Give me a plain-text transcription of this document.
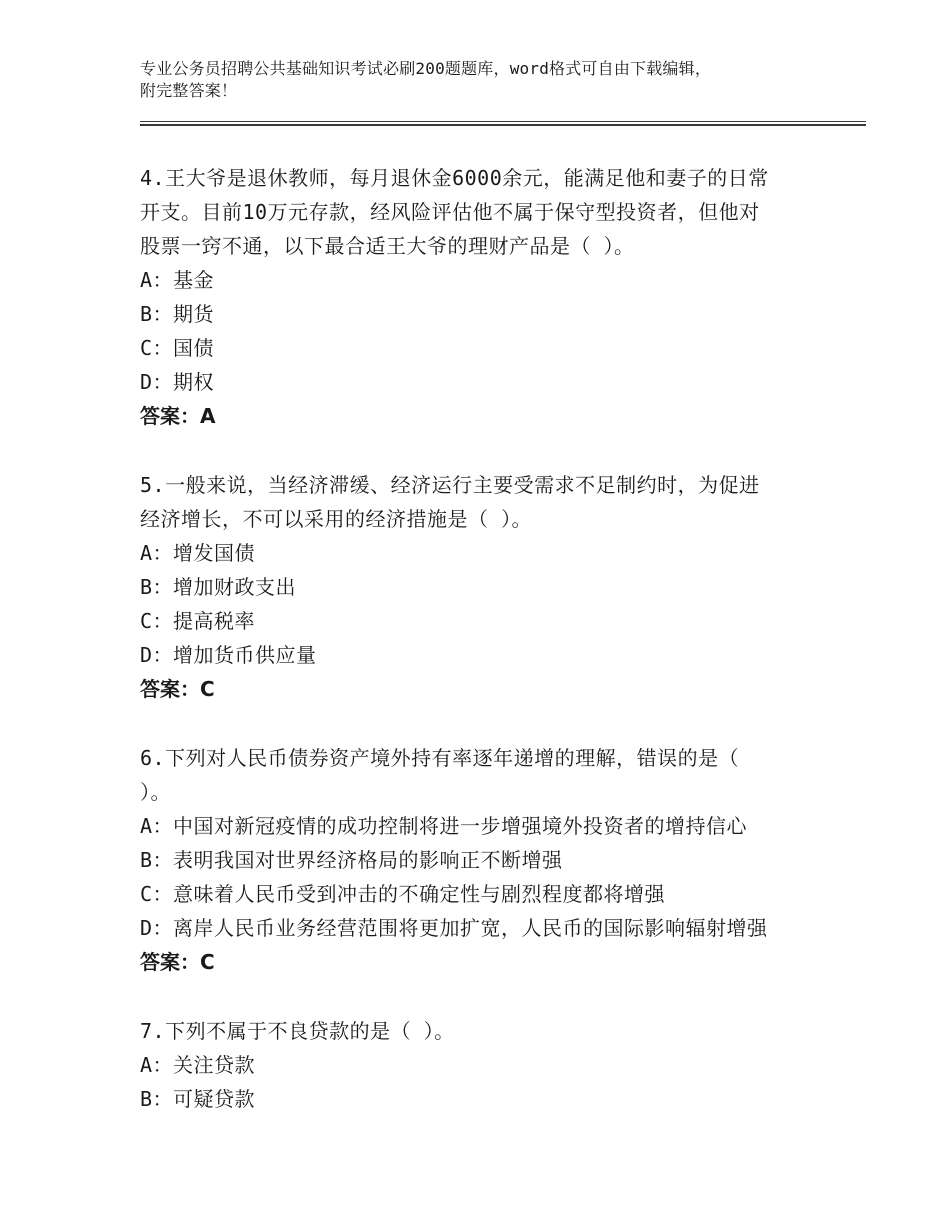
专业公务员招聘公共基础知识考试必刷200题题库，word格式可自由下载编辑，
附完整答案！
4.王大爷是退休教师，每月退休金6000余元，能满足他和妻子的日常
开支。目前10万元存款，经风险评估他不属于保守型投资者，但他对
股票一窍不通，以下最合适王大爷的理财产品是（ ）。
A：基金
B：期货
C：国债
D：期权
答案：A
5.一般来说，当经济滞缓、经济运行主要受需求不足制约时，为促进
经济增长，不可以采用的经济措施是（ ）。
A：增发国债
B：增加财政支出
C：提高税率
D：增加货币供应量
答案：C
6.下列对人民币债券资产境外持有率逐年递增的理解，错误的是（
）。
A：中国对新冠疫情的成功控制将进一步增强境外投资者的增持信心
B：表明我国对世界经济格局的影响正不断增强
C：意味着人民币受到冲击的不确定性与剧烈程度都将增强
D：离岸人民币业务经营范围将更加扩宽，人民币的国际影响辐射增强
答案：C
7.下列不属于不良贷款的是（ ）。
A：关注贷款
B：可疑贷款
